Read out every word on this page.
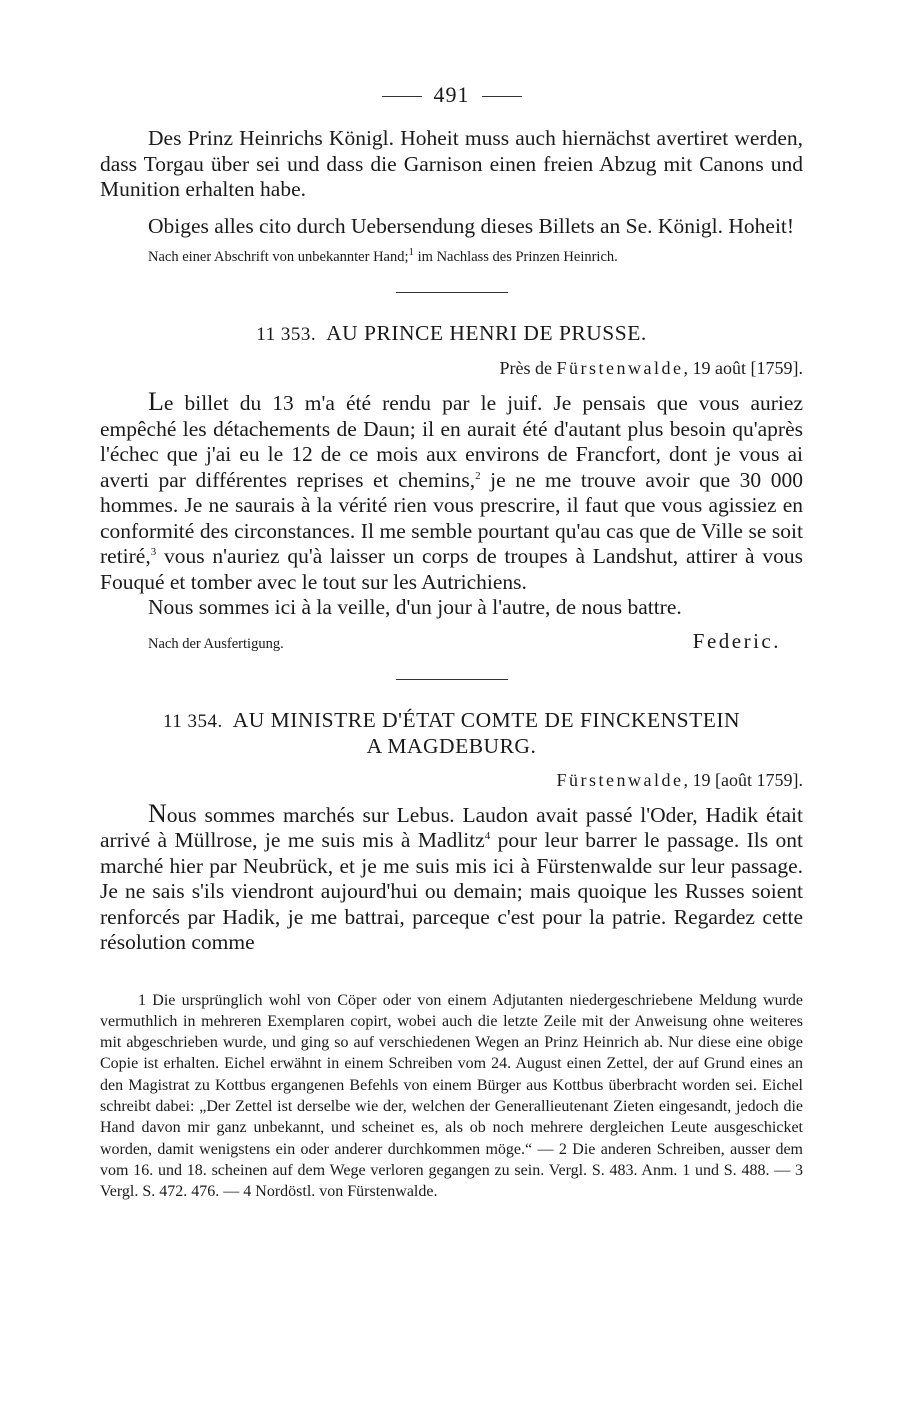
491

Des Prinz Heinrichs Königl. Hoheit muss auch hiernächst avertiret werden, dass Torgau über sei und dass die Garnison einen freien Abzug mit Canons und Munition erhalten habe.

Obiges alles cito durch Uebersendung dieses Billets an Se. Königl. Hoheit!

Nach einer Abschrift von unbekannter Hand;$^1$ im Nachlass des Prinzen Heinrich.
11 353. AU PRINCE HENRI DE PRUSSE.
Près de Fürstenwalde, 19 août [1759].

Le billet du 13 m'a été rendu par le juif. Je pensais que vous auriez empêché les détachements de Daun; il en aurait été d'autant plus besoin qu'après l'échec que j'ai eu le 12 de ce mois aux environs de Francfort, dont je vous ai averti par différentes reprises et chemins,$^2$ je ne me trouve avoir que 30 000 hommes. Je ne saurais à la vérité rien vous prescrire, il faut que vous agissiez en conformité des circonstances. Il me semble pourtant qu'au cas que de Ville se soit retiré,$^3$ vous n'auriez qu'à laisser un corps de troupes à Landshut, attirer à vous Fouqué et tomber avec le tout sur les Autrichiens.

Nous sommes ici à la veille, d'un jour à l'autre, de nous battre.

Nach der Ausfertigung.	Federic.
11 354. AU MINISTRE D'ÉTAT COMTE DE FINCKENSTEIN
A MAGDEBURG.
Fürstenwalde, 19 [août 1759].

Nous sommes marchés sur Lebus. Laudon avait passé l'Oder, Hadik était arrivé à Müllrose, je me suis mis à Madlitz$^4$ pour leur barrer le passage. Ils ont marché hier par Neubrück, et je me suis mis ici à Fürstenwalde sur leur passage. Je ne sais s'ils viendront aujourd'hui ou demain; mais quoique les Russes soient renforcés par Hadik, je me battrai, parceque c'est pour la patrie. Regardez cette résolution comme

1 Die ursprünglich wohl von Cöper oder von einem Adjutanten niedergeschriebene Meldung wurde vermuthlich in mehreren Exemplaren copirt, wobei auch die letzte Zeile mit der Anweisung ohne weiteres mit abgeschrieben wurde, und ging so auf verschiedenen Wegen an Prinz Heinrich ab. Nur diese eine obige Copie ist erhalten. Eichel erwähnt in einem Schreiben vom 24. August einen Zettel, der auf Grund eines an den Magistrat zu Kottbus ergangenen Befehls von einem Bürger aus Kottbus überbracht worden sei. Eichel schreibt dabei: „Der Zettel ist derselbe wie der, welchen der Generallieutenant Zieten eingesandt, jedoch die Hand davon mir ganz unbekannt, und scheinet es, als ob noch mehrere dergleichen Leute ausgeschicket worden, damit wenigstens ein oder anderer durchkommen möge.“ — 2 Die anderen Schreiben, ausser dem vom 16. und 18. scheinen auf dem Wege verloren gegangen zu sein. Vergl. S. 483. Anm. 1 und S. 488. — 3 Vergl. S. 472. 476. — 4 Nordöstl. von Fürstenwalde.
